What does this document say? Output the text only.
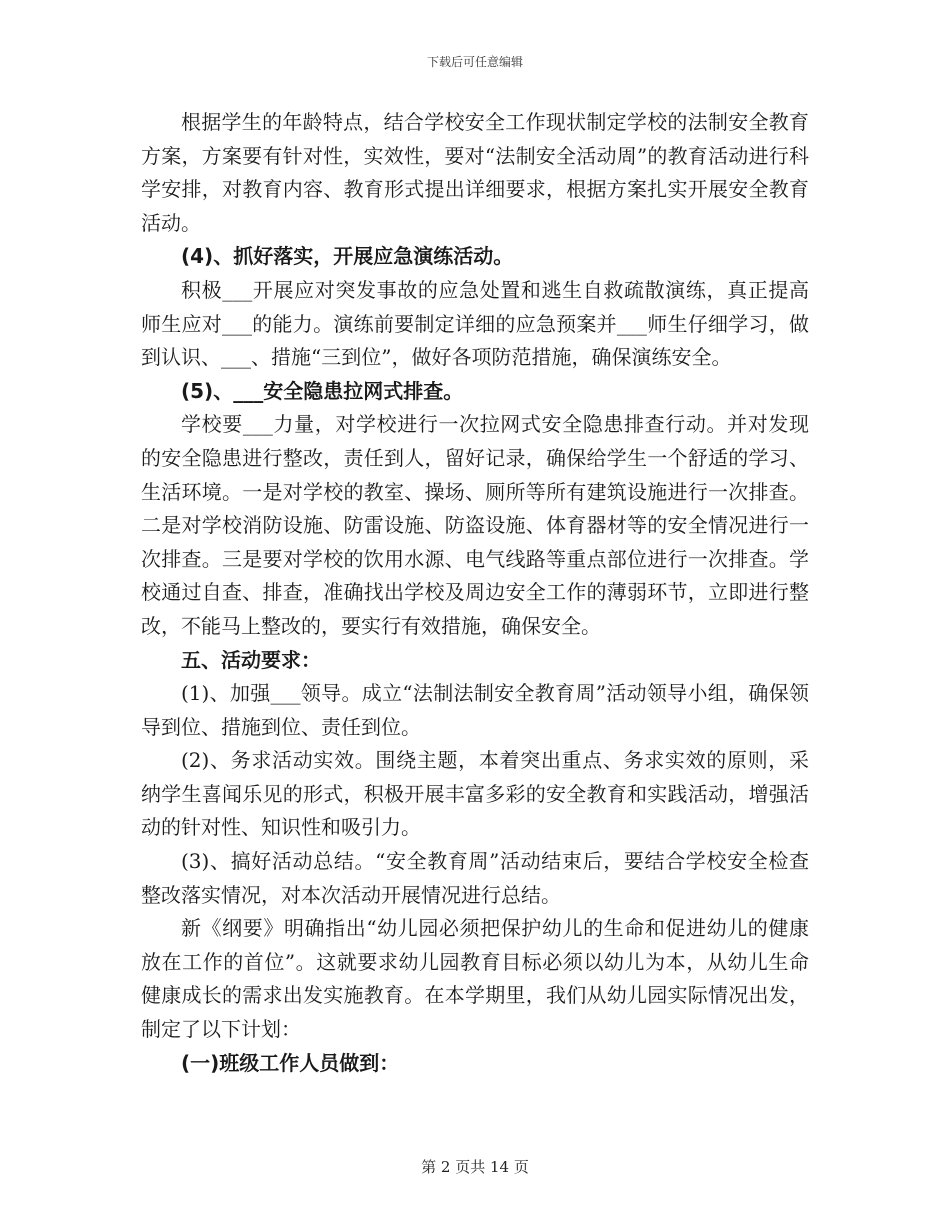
下载后可任意编辑

根据学生的年龄特点，结合学校安全工作现状制定学校的法制安全教育方案，方案要有针对性，实效性，要对“法制安全活动周”的教育活动进行科学安排，对教育内容、教育形式提出详细要求，根据方案扎实开展安全教育活动。

(4)、抓好落实，开展应急演练活动。

积极___开展应对突发事故的应急处置和逃生自救疏散演练，真正提高师生应对___的能力。演练前要制定详细的应急预案并___师生仔细学习，做到认识、___、措施“三到位”，做好各项防范措施，确保演练安全。

(5)、___安全隐患拉网式排查。

学校要___力量，对学校进行一次拉网式安全隐患排查行动。并对发现的安全隐患进行整改，责任到人，留好记录，确保给学生一个舒适的学习、生活环境。一是对学校的教室、操场、厕所等所有建筑设施进行一次排查。二是对学校消防设施、防雷设施、防盗设施、体育器材等的安全情况进行一次排查。三是要对学校的饮用水源、电气线路等重点部位进行一次排查。学校通过自查、排查，准确找出学校及周边安全工作的薄弱环节，立即进行整改，不能马上整改的，要实行有效措施，确保安全。

五、活动要求：

(1)、加强___领导。成立“法制法制安全教育周”活动领导小组，确保领导到位、措施到位、责任到位。

(2)、务求活动实效。围绕主题，本着突出重点、务求实效的原则，采纳学生喜闻乐见的形式，积极开展丰富多彩的安全教育和实践活动，增强活动的针对性、知识性和吸引力。

(3)、搞好活动总结。“安全教育周”活动结束后，要结合学校安全检查整改落实情况，对本次活动开展情况进行总结。

新《纲要》明确指出“幼儿园必须把保护幼儿的生命和促进幼儿的健康放在工作的首位”。这就要求幼儿园教育目标必须以幼儿为本，从幼儿生命健康成长的需求出发实施教育。在本学期里，我们从幼儿园实际情况出发，制定了以下计划：

(一)班级工作人员做到：

第 2 页共 14 页
